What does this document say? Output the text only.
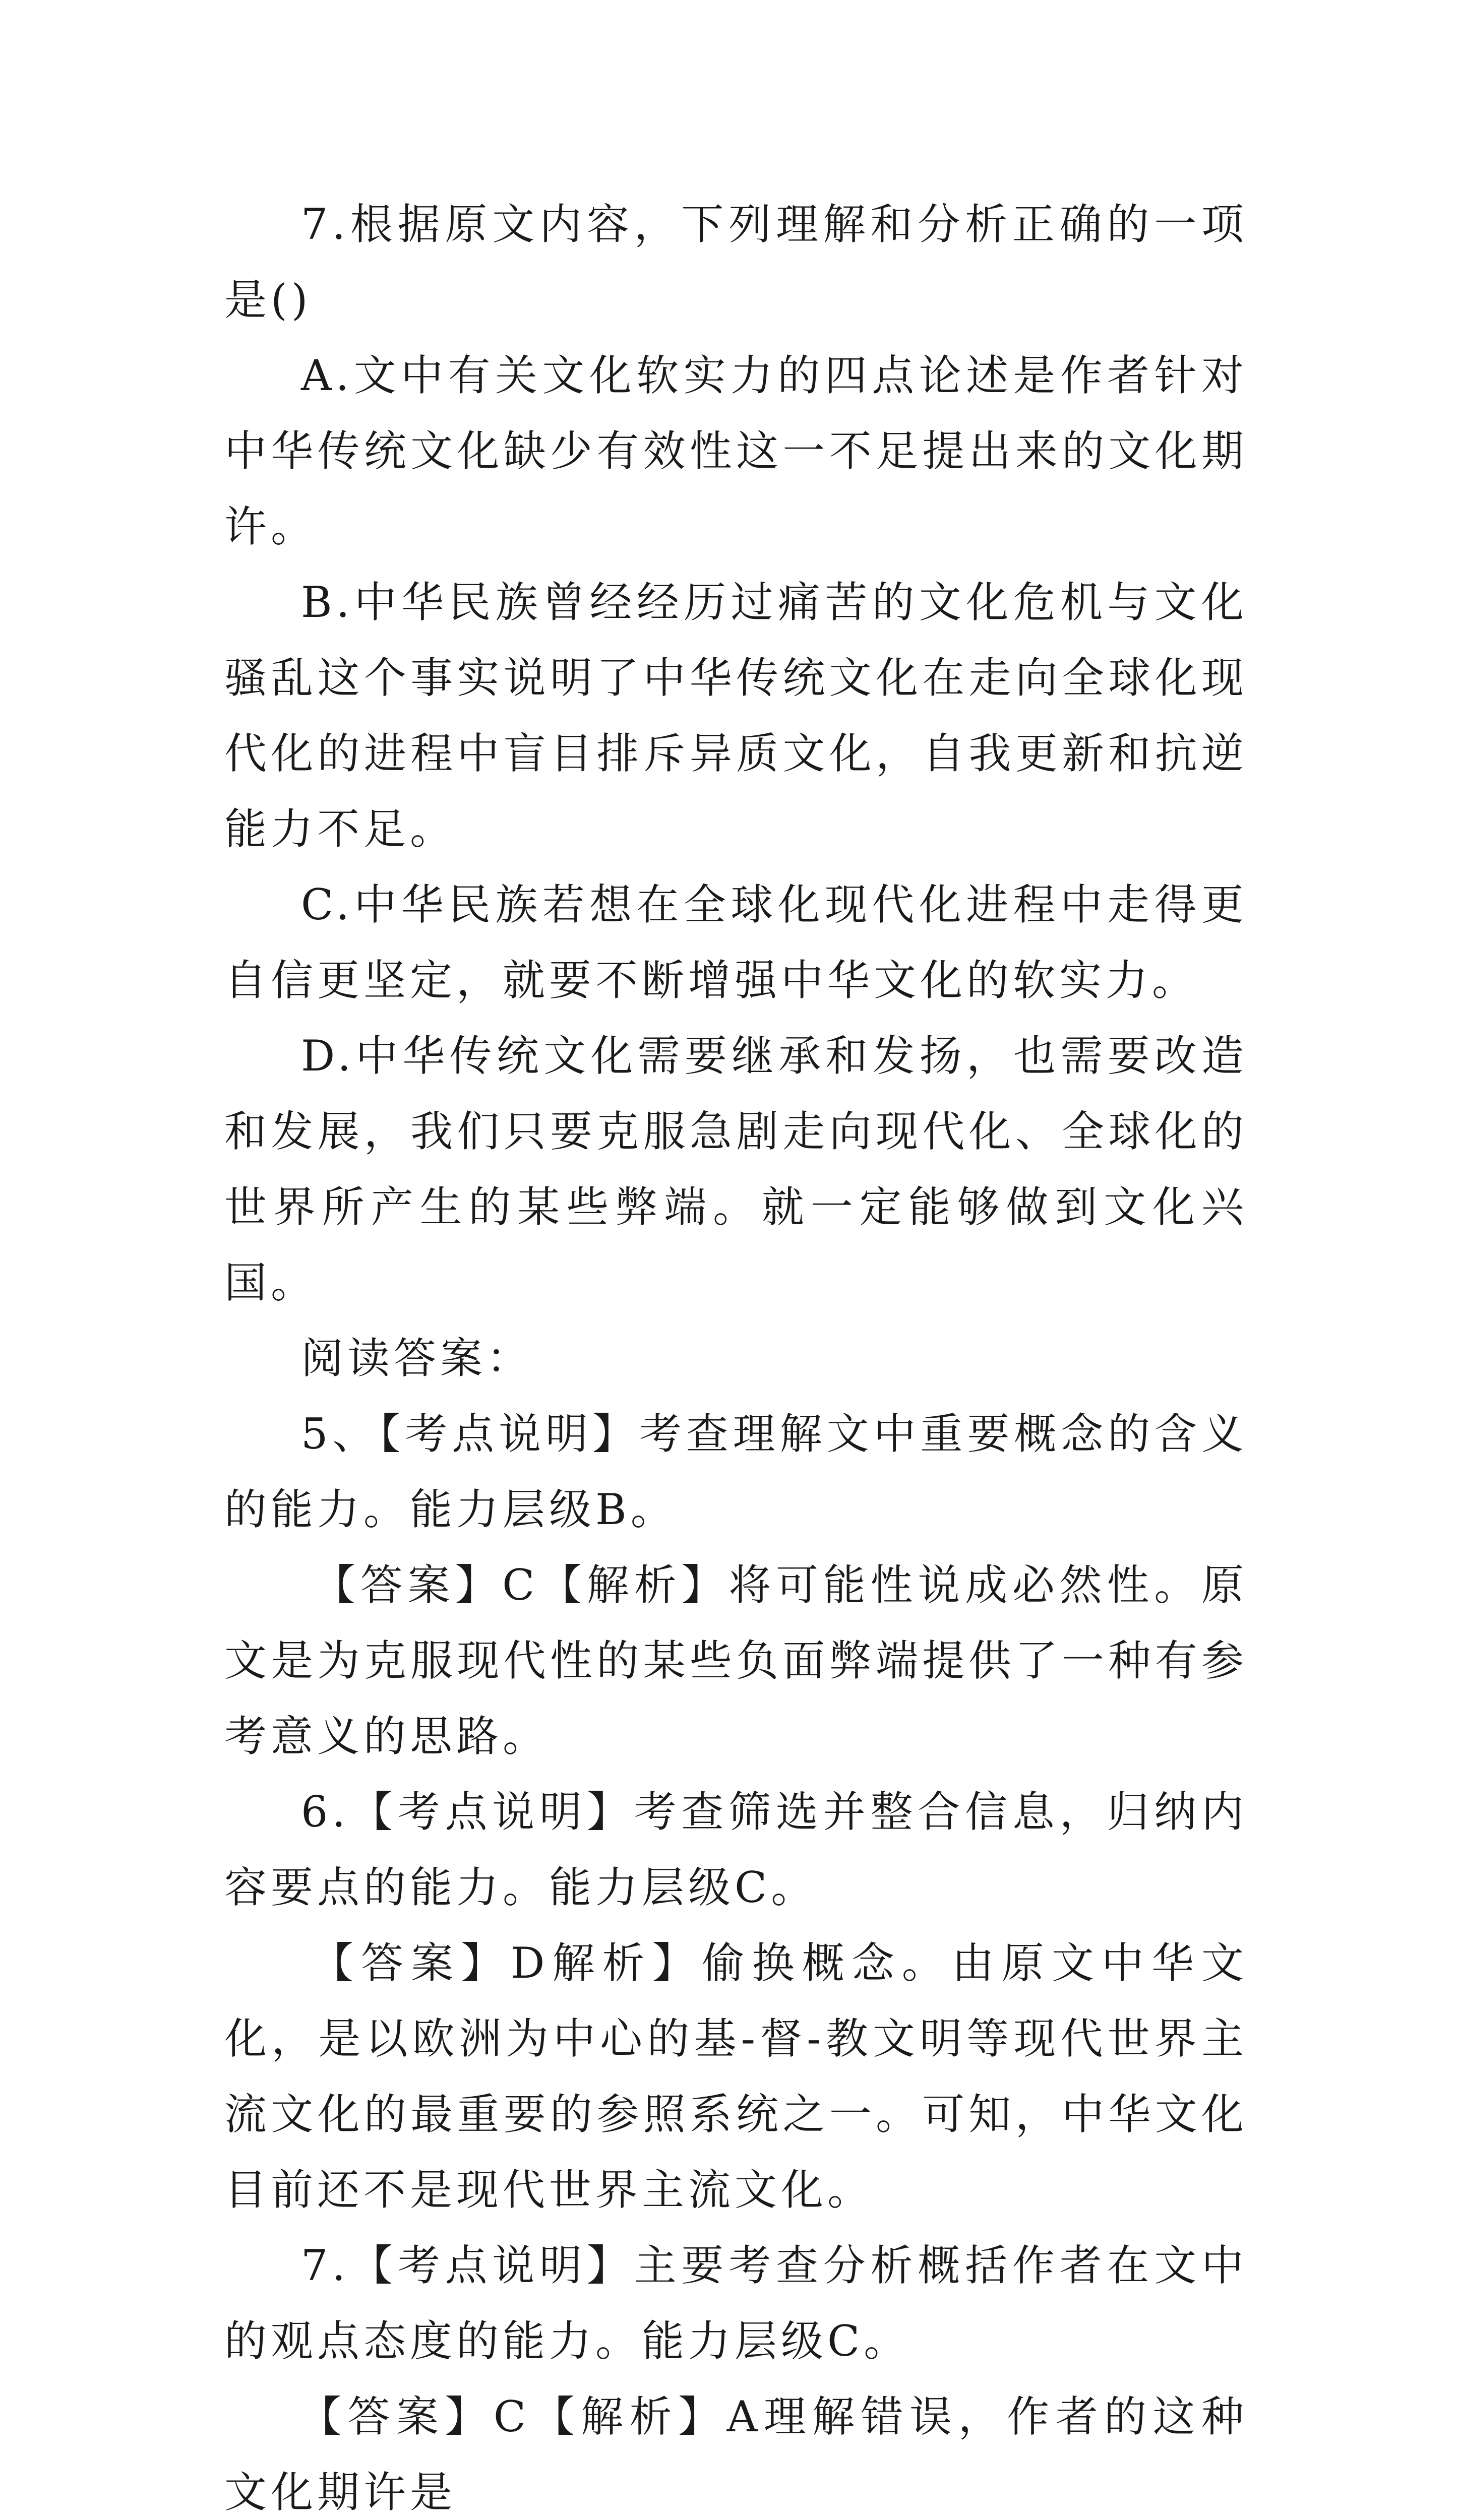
7.根据原文内容，下列理解和分析正确的一项是()

A.文中有关文化软实力的四点论述是作者针对中华传统文化缺少有效性这一不足提出来的文化期许。

B.中华民族曾经经历过痛苦的文化危机与文化骚乱这个事实说明了中华传统文化在走向全球化现代化的进程中盲目排斥异质文化，自我更新和抗逆能力不足。

C.中华民族若想在全球化现代化进程中走得更自信更坚定，就要不断增强中华文化的软实力。

D.中华传统文化需要继承和发扬，也需要改造和发展，我们只要克服急剧走向现代化、全球化的世界所产生的某些弊端。就一定能够做到文化兴国。

阅读答案：

5、【考点说明】考查理解文中重要概念的含义的能力。能力层级B。

【答案】C【解析】将可能性说成必然性。原文是为克服现代性的某些负面弊端提供了一种有参考意义的思路。

6.【考点说明】考查筛选并整合信息，归纳内容要点的能力。能力层级C。

【答案】D解析】偷换概念。由原文中华文化，是以欧洲为中心的基-督-教文明等现代世界主流文化的最重要的参照系统之一。可知，中华文化目前还不是现代世界主流文化。

7.【考点说明】主要考查分析概括作者在文中的观点态度的能力。能力层级C。

【答案】C【解析】A理解错误，作者的这种文化期许是
